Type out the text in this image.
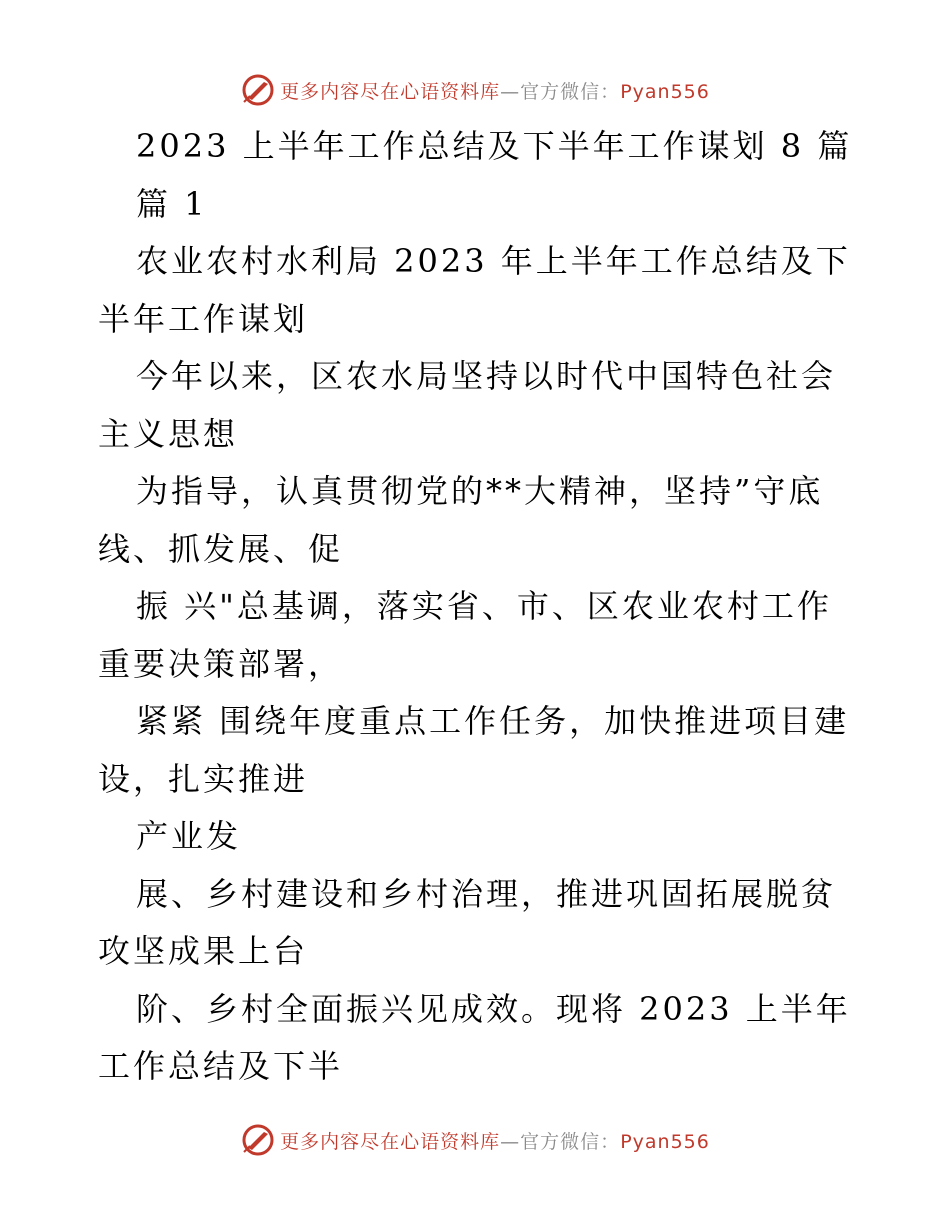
更多内容尽在心语资料库—官方微信：Pyan556

2023 上半年工作总结及下半年工作谋划 8 篇

篇 1

农业农村水利局 2023 年上半年工作总结及下半年工作谋划

今年以来，区农水局坚持以时代中国特色社会主义思想

为指导，认真贯彻党的**大精神，坚持”守底线、抓发展、促

振 兴"总基调，落实省、市、区农业农村工作重要决策部署，

紧紧 围绕年度重点工作任务，加快推进项目建设，扎实推进

产业发

展、乡村建设和乡村治理，推进巩固拓展脱贫攻坚成果上台

阶、乡村全面振兴见成效。现将 2023 上半年工作总结及下半

更多内容尽在心语资料库—官方微信：Pyan556
